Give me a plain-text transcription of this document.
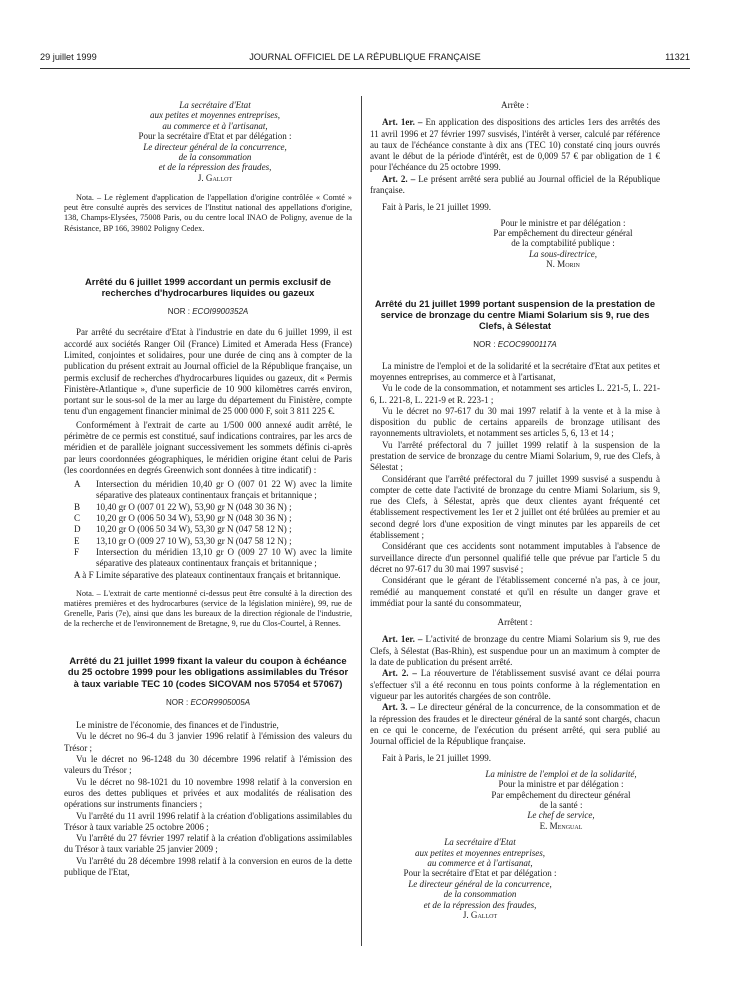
29 juillet 1999	JOURNAL OFFICIEL DE LA RÉPUBLIQUE FRANÇAISE	11321
La secrétaire d'Etat
aux petites et moyennes entreprises,
au commerce et à l'artisanat,
Pour la secrétaire d'Etat et par délégation :
Le directeur général de la concurrence,
de la consommation
et de la répression des fraudes,
J. Gallot

Nota. – Le règlement d'application de l'appellation d'origine contrôlée « Comté » peut être consulté auprès des services de l'Institut national des appellations d'origine, 138, Champs-Elysées, 75008 Paris, ou du centre local INAO de Poligny, avenue de la Résistance, BP 166, 39802 Poligny Cedex.

Arrêté du 6 juillet 1999 accordant un permis exclusif de recherches d'hydrocarbures liquides ou gazeux
NOR : ECOI9900352A

Par arrêté du secrétaire d'Etat à l'industrie en date du 6 juillet 1999, il est accordé aux sociétés Ranger Oil (France) Limited et Amerada Hess (France) Limited, conjointes et solidaires, pour une durée de cinq ans à compter de la publication du présent extrait au Journal officiel de la République française, un permis exclusif de recherches d'hydrocarbures liquides ou gazeux, dit « Permis Finistère-Atlantique », d'une superficie de 10 900 kilomètres carrés environ, portant sur le sous-sol de la mer au large du département du Finistère, compte tenu d'un engagement financier minimal de 25 000 000 F, soit 3 811 225 €.

Conformément à l'extrait de carte au 1/500 000 annexé audit arrêté, le périmètre de ce permis est constitué, sauf indications contraires, par les arcs de méridien et de parallèle joignant successivement les sommets définis ci-après par leurs coordonnées géographiques, le méridien origine étant celui de Paris (les coordonnées en degrés Greenwich sont données à titre indicatif) :

A	Intersection du méridien 10,40 gr O (007 01 22 W) avec la limite séparative des plateaux continentaux français et britannique ;
B	10,40 gr O (007 01 22 W), 53,90 gr N (048 30 36 N) ;
C	10,20 gr O (006 50 34 W), 53,90 gr N (048 30 36 N) ;
D	10,20 gr O (006 50 34 W), 53,30 gr N (047 58 12 N) ;
E	13,10 gr O (009 27 10 W), 53,30 gr N (047 58 12 N) ;
F	Intersection du méridien 13,10 gr O (009 27 10 W) avec la limite séparative des plateaux continentaux français et britannique ;

A à F Limite séparative des plateaux continentaux français et britannique.

Nota. – L'extrait de carte mentionné ci-dessus peut être consulté à la direction des matières premières et des hydrocarbures (service de la législation minière), 99, rue de Grenelle, Paris (7e), ainsi que dans les bureaux de la direction régionale de l'industrie, de la recherche et de l'environnement de Bretagne, 9, rue du Clos-Courtel, à Rennes.

Arrêté du 21 juillet 1999 fixant la valeur du coupon à échéance du 25 octobre 1999 pour les obligations assimilables du Trésor à taux variable TEC 10 (codes SICOVAM nos 57054 et 57067)
NOR : ECOR9905005A

Le ministre de l'économie, des finances et de l'industrie,

Vu le décret no 96-4 du 3 janvier 1996 relatif à l'émission des valeurs du Trésor ;

Vu le décret no 96-1248 du 30 décembre 1996 relatif à l'émission des valeurs du Trésor ;

Vu le décret no 98-1021 du 10 novembre 1998 relatif à la conversion en euros des dettes publiques et privées et aux modalités de réalisation des opérations sur instruments financiers ;

Vu l'arrêté du 11 avril 1996 relatif à la création d'obligations assimilables du Trésor à taux variable 25 octobre 2006 ;

Vu l'arrêté du 27 février 1997 relatif à la création d'obligations assimilables du Trésor à taux variable 25 janvier 2009 ;

Vu l'arrêté du 28 décembre 1998 relatif à la conversion en euros de la dette publique de l'Etat,

Arrête :

Art. 1er. – En application des dispositions des articles 1ers des arrêtés des 11 avril 1996 et 27 février 1997 susvisés, l'intérêt à verser, calculé par référence au taux de l'échéance constante à dix ans (TEC 10) constaté cinq jours ouvrés avant le début de la période d'intérêt, est de 0,009 57 € par obligation de 1 € pour l'échéance du 25 octobre 1999.

Art. 2. – Le présent arrêté sera publié au Journal officiel de la République française.

Fait à Paris, le 21 juillet 1999.

Pour le ministre et par délégation :
Par empêchement du directeur général
de la comptabilité publique :
La sous-directrice,
N. Morin
Arrêté du 21 juillet 1999 portant suspension de la prestation de service de bronzage du centre Miami Solarium sis 9, rue des Clefs, à Sélestat
NOR : ECOC9900117A

La ministre de l'emploi et de la solidarité et la secrétaire d'Etat aux petites et moyennes entreprises, au commerce et à l'artisanat,

Vu le code de la consommation, et notamment ses articles L. 221-5, L. 221-6, L. 221-8, L. 221-9 et R. 223-1 ;

Vu le décret no 97-617 du 30 mai 1997 relatif à la vente et à la mise à disposition du public de certains appareils de bronzage utilisant des rayonnements ultraviolets, et notamment ses articles 5, 6, 13 et 14 ;

Vu l'arrêté préfectoral du 7 juillet 1999 relatif à la suspension de la prestation de service de bronzage du centre Miami Solarium, 9, rue des Clefs, à Sélestat ;

Considérant que l'arrêté préfectoral du 7 juillet 1999 susvisé a suspendu à compter de cette date l'activité de bronzage du centre Miami Solarium, sis 9, rue des Clefs, à Sélestat, après que deux clientes ayant fréquenté cet établissement respectivement les 1er et 2 juillet ont été brûlées au premier et au second degré lors d'une exposition de vingt minutes par les appareils de cet établissement ;

Considérant que ces accidents sont notamment imputables à l'absence de surveillance directe d'un personnel qualifié telle que prévue par l'article 5 du décret no 97-617 du 30 mai 1997 susvisé ;

Considérant que le gérant de l'établissement concerné n'a pas, à ce jour, remédié au manquement constaté et qu'il en résulte un danger grave et immédiat pour la santé du consommateur,

Arrêtent :

Art. 1er. – L'activité de bronzage du centre Miami Solarium sis 9, rue des Clefs, à Sélestat (Bas-Rhin), est suspendue pour un an maximum à compter de la date de publication du présent arrêté.

Art. 2. – La réouverture de l'établissement susvisé avant ce délai pourra s'effectuer s'il a été reconnu en tous points conforme à la réglementation en vigueur par les autorités chargées de son contrôle.

Art. 3. – Le directeur général de la concurrence, de la consommation et de la répression des fraudes et le directeur général de la santé sont chargés, chacun en ce qui le concerne, de l'exécution du présent arrêté, qui sera publié au Journal officiel de la République française.

Fait à Paris, le 21 juillet 1999.

La ministre de l'emploi et de la solidarité,
Pour la ministre et par délégation :
Par empêchement du directeur général
de la santé :
Le chef de service,
E. Mengual
La secrétaire d'Etat
aux petites et moyennes entreprises,
au commerce et à l'artisanat,
Pour la secrétaire d'Etat et par délégation :
Le directeur général de la concurrence,
de la consommation
et de la répression des fraudes,
J. Gallot
